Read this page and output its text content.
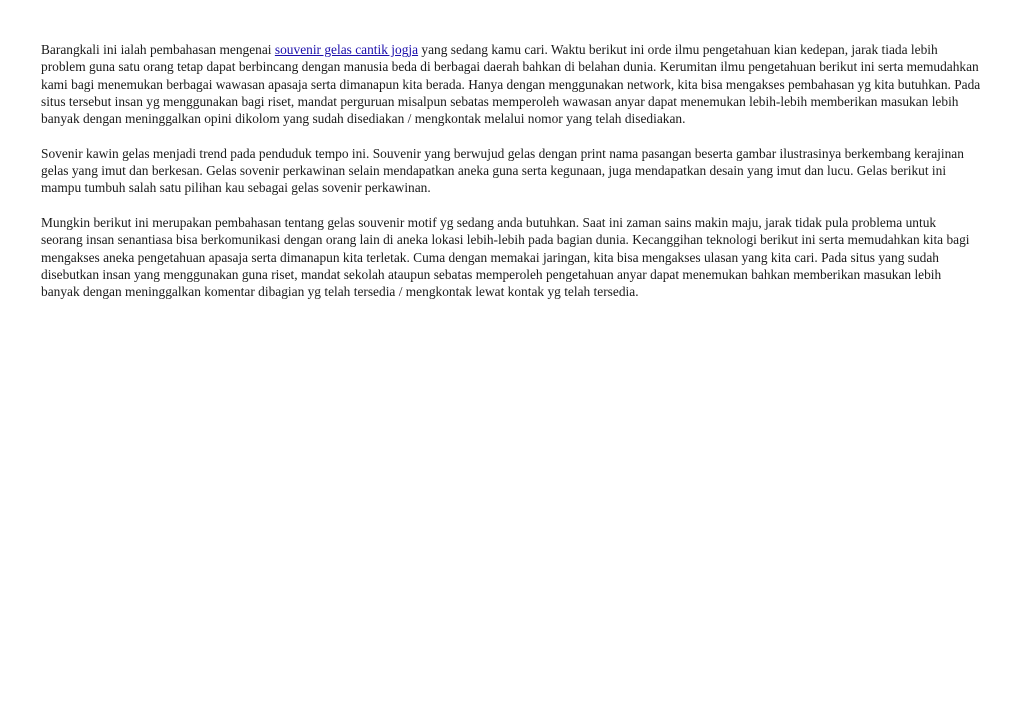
Barangkali ini ialah pembahasan mengenai souvenir gelas cantik jogja yang sedang kamu cari. Waktu berikut ini orde ilmu pengetahuan kian kedepan, jarak tiada lebih problem guna satu orang tetap dapat berbincang dengan manusia beda di berbagai daerah bahkan di belahan dunia. Kerumitan ilmu pengetahuan berikut ini serta memudahkan kami bagi menemukan berbagai wawasan apasaja serta dimanapun kita berada. Hanya dengan menggunakan network, kita bisa mengakses pembahasan yg kita butuhkan. Pada situs tersebut insan yg menggunakan bagi riset, mandat perguruan misalpun sebatas memperoleh wawasan anyar dapat menemukan lebih-lebih memberikan masukan lebih banyak dengan meninggalkan opini dikolom yang sudah disediakan / mengkontak melalui nomor yang telah disediakan.

Sovenir kawin gelas menjadi trend pada penduduk tempo ini. Souvenir yang berwujud gelas dengan print nama pasangan beserta gambar ilustrasinya berkembang kerajinan gelas yang imut dan berkesan. Gelas sovenir perkawinan selain mendapatkan aneka guna serta kegunaan, juga mendapatkan desain yang imut dan lucu. Gelas berikut ini mampu tumbuh salah satu pilihan kau sebagai gelas sovenir perkawinan.

Mungkin berikut ini merupakan pembahasan tentang gelas souvenir motif yg sedang anda butuhkan. Saat ini zaman sains makin maju, jarak tidak pula problema untuk seorang insan senantiasa bisa berkomunikasi dengan orang lain di aneka lokasi lebih-lebih pada bagian dunia. Kecanggihan teknologi berikut ini serta memudahkan kita bagi mengakses aneka pengetahuan apasaja serta dimanapun kita terletak. Cuma dengan memakai jaringan, kita bisa mengakses ulasan yang kita cari. Pada situs yang sudah disebutkan insan yang menggunakan guna riset, mandat sekolah ataupun sebatas memperoleh pengetahuan anyar dapat menemukan bahkan memberikan masukan lebih banyak dengan meninggalkan komentar dibagian yg telah tersedia / mengkontak lewat kontak yg telah tersedia.
